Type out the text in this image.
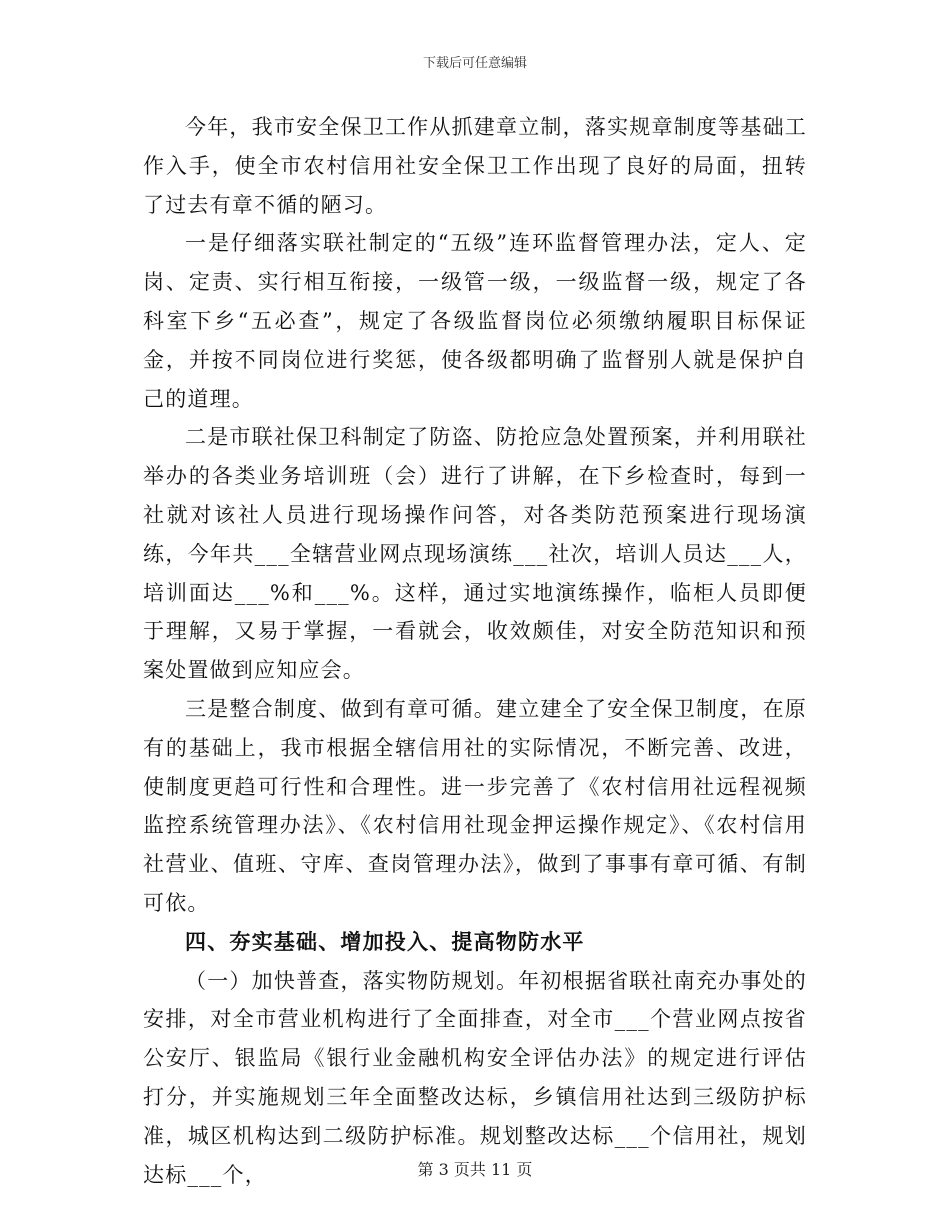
下载后可任意编辑

今年，我市安全保卫工作从抓建章立制，落实规章制度等基础工作入手，使全市农村信用社安全保卫工作出现了良好的局面，扭转了过去有章不循的陋习。

一是仔细落实联社制定的“五级”连环监督管理办法，定人、定岗、定责、实行相互衔接，一级管一级，一级监督一级，规定了各科室下乡“五必查”，规定了各级监督岗位必须缴纳履职目标保证金，并按不同岗位进行奖惩，使各级都明确了监督别人就是保护自己的道理。

二是市联社保卫科制定了防盗、防抢应急处置预案，并利用联社举办的各类业务培训班（会）进行了讲解，在下乡检查时，每到一社就对该社人员进行现场操作问答，对各类防范预案进行现场演练，今年共___全辖营业网点现场演练___社次，培训人员达___人，培训面达___%和___%。这样，通过实地演练操作，临柜人员即便于理解，又易于掌握，一看就会，收效颇佳，对安全防范知识和预案处置做到应知应会。

三是整合制度、做到有章可循。建立建全了安全保卫制度，在原有的基础上，我市根据全辖信用社的实际情况，不断完善、改进，使制度更趋可行性和合理性。进一步完善了《农村信用社远程视频监控系统管理办法》、《农村信用社现金押运操作规定》、《农村信用社营业、值班、守库、查岗管理办法》，做到了事事有章可循、有制可依。

四、夯实基础、增加投入、提高物防水平

（一）加快普查，落实物防规划。年初根据省联社南充办事处的安排，对全市营业机构进行了全面排查，对全市___个营业网点按省公安厅、银监局《银行业金融机构安全评估办法》的规定进行评估打分，并实施规划三年全面整改达标，乡镇信用社达到三级防护标准，城区机构达到二级防护标准。规划整改达标___个信用社，规划达标___个，	第 3 页共 11 页
